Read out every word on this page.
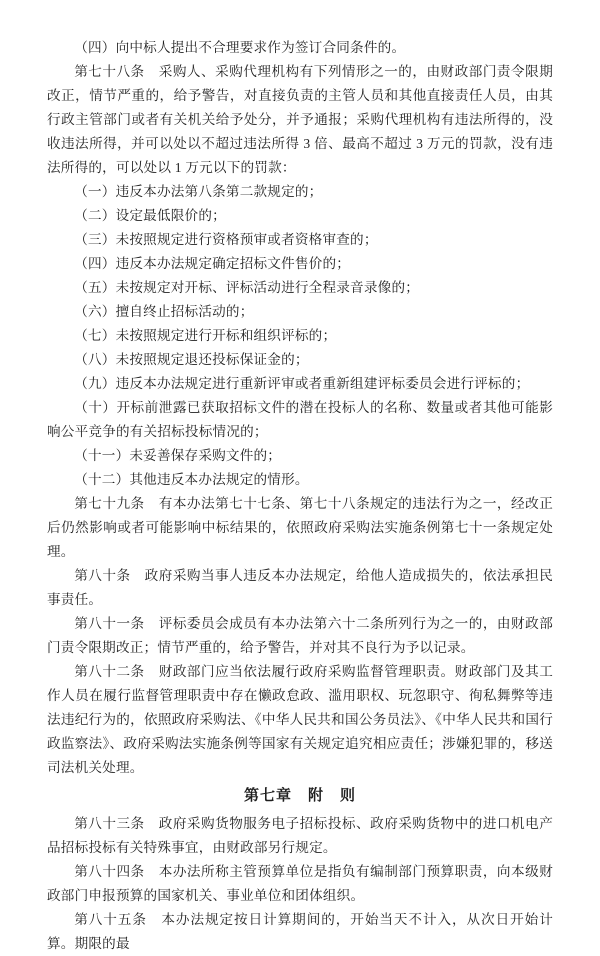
（四）向中标人提出不合理要求作为签订合同条件的。

第七十八条　采购人、采购代理机构有下列情形之一的，由财政部门责令限期改正，情节严重的，给予警告，对直接负责的主管人员和其他直接责任人员，由其行政主管部门或者有关机关给予处分，并予通报；采购代理机构有违法所得的，没收违法所得，并可以处以不超过违法所得 3 倍、最高不超过 3 万元的罚款，没有违法所得的，可以处以 1 万元以下的罚款：

（一）违反本办法第八条第二款规定的；

（二）设定最低限价的；

（三）未按照规定进行资格预审或者资格审查的；

（四）违反本办法规定确定招标文件售价的；

（五）未按规定对开标、评标活动进行全程录音录像的；

（六）擅自终止招标活动的；

（七）未按照规定进行开标和组织评标的；

（八）未按照规定退还投标保证金的；

（九）违反本办法规定进行重新评审或者重新组建评标委员会进行评标的；

（十）开标前泄露已获取招标文件的潜在投标人的名称、数量或者其他可能影响公平竞争的有关招标投标情况的；

（十一）未妥善保存采购文件的；

（十二）其他违反本办法规定的情形。

第七十九条　有本办法第七十七条、第七十八条规定的违法行为之一，经改正后仍然影响或者可能影响中标结果的，依照政府采购法实施条例第七十一条规定处理。

第八十条　政府采购当事人违反本办法规定，给他人造成损失的，依法承担民事责任。

第八十一条　评标委员会成员有本办法第六十二条所列行为之一的，由财政部门责令限期改正；情节严重的，给予警告，并对其不良行为予以记录。

第八十二条　财政部门应当依法履行政府采购监督管理职责。财政部门及其工作人员在履行监督管理职责中存在懒政怠政、滥用职权、玩忽职守、徇私舞弊等违法违纪行为的，依照政府采购法、《中华人民共和国公务员法》、《中华人民共和国行政监察法》、政府采购法实施条例等国家有关规定追究相应责任；涉嫌犯罪的，移送司法机关处理。

第七章　附　则

第八十三条　政府采购货物服务电子招标投标、政府采购货物中的进口机电产品招标投标有关特殊事宜，由财政部另行规定。

第八十四条　本办法所称主管预算单位是指负有编制部门预算职责，向本级财政部门申报预算的国家机关、事业单位和团体组织。

第八十五条　本办法规定按日计算期间的，开始当天不计入，从次日开始计算。期限的最
